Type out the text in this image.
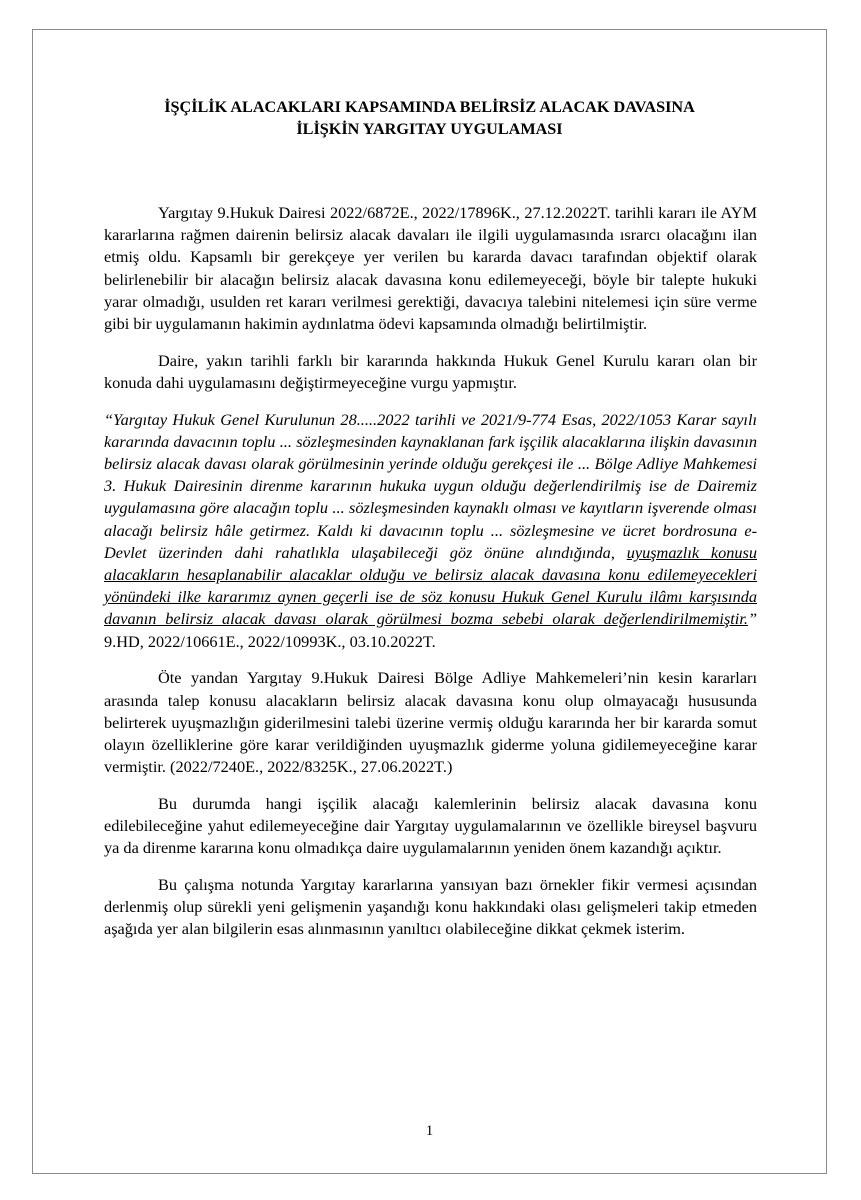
İŞÇİLİK ALACAKLARI KAPSAMINDA BELİRSİZ ALACAK DAVASINA
İLİŞKİN YARGITAY UYGULAMASI

Yargıtay 9.Hukuk Dairesi 2022/6872E., 2022/17896K., 27.12.2022T. tarihli kararı ile AYM kararlarına rağmen dairenin belirsiz alacak davaları ile ilgili uygulamasında ısrarcı olacağını ilan etmiş oldu. Kapsamlı bir gerekçeye yer verilen bu kararda davacı tarafından objektif olarak belirlenebilir bir alacağın belirsiz alacak davasına konu edilemeyeceği, böyle bir talepte hukuki yarar olmadığı, usulden ret kararı verilmesi gerektiği, davacıya talebini nitelemesi için süre verme gibi bir uygulamanın hakimin aydınlatma ödevi kapsamında olmadığı belirtilmiştir.

Daire, yakın tarihli farklı bir kararında hakkında Hukuk Genel Kurulu kararı olan bir konuda dahi uygulamasını değiştirmeyeceğine vurgu yapmıştır.

“Yargıtay Hukuk Genel Kurulunun 28.....2022 tarihli ve 2021/9-774 Esas, 2022/1053 Karar sayılı kararında davacının toplu ... sözleşmesinden kaynaklanan fark işçilik alacaklarına ilişkin davasının belirsiz alacak davası olarak görülmesinin yerinde olduğu gerekçesi ile ... Bölge Adliye Mahkemesi 3. Hukuk Dairesinin direnme kararının hukuka uygun olduğu değerlendirilmiş ise de Dairemiz uygulamasına göre alacağın toplu ... sözleşmesinden kaynaklı olması ve kayıtların işverende olması alacağı belirsiz hâle getirmez. Kaldı ki davacının toplu ... sözleşmesine ve ücret bordrosuna e-Devlet üzerinden dahi rahatlıkla ulaşabileceği göz önüne alındığında, uyuşmazlık konusu alacakların hesaplanabilir alacaklar olduğu ve belirsiz alacak davasına konu edilemeyecekleri yönündeki ilke kararımız aynen geçerli ise de söz konusu Hukuk Genel Kurulu ilâmı karşısında davanın belirsiz alacak davası olarak görülmesi bozma sebebi olarak değerlendirilmemiştir.” 9.HD, 2022/10661E., 2022/10993K., 03.10.2022T.

Öte yandan Yargıtay 9.Hukuk Dairesi Bölge Adliye Mahkemeleri’nin kesin kararları arasında talep konusu alacakların belirsiz alacak davasına konu olup olmayacağı hususunda belirterek uyuşmazlığın giderilmesini talebi üzerine vermiş olduğu kararında her bir kararda somut olayın özelliklerine göre karar verildiğinden uyuşmazlık giderme yoluna gidilemeyeceğine karar vermiştir. (2022/7240E., 2022/8325K., 27.06.2022T.)

Bu durumda hangi işçilik alacağı kalemlerinin belirsiz alacak davasına konu edilebileceğine yahut edilemeyeceğine dair Yargıtay uygulamalarının ve özellikle bireysel başvuru ya da direnme kararına konu olmadıkça daire uygulamalarının yeniden önem kazandığı açıktır.

Bu çalışma notunda Yargıtay kararlarına yansıyan bazı örnekler fikir vermesi açısından derlenmiş olup sürekli yeni gelişmenin yaşandığı konu hakkındaki olası gelişmeleri takip etmeden aşağıda yer alan bilgilerin esas alınmasının yanıltıcı olabileceğine dikkat çekmek isterim.

1
